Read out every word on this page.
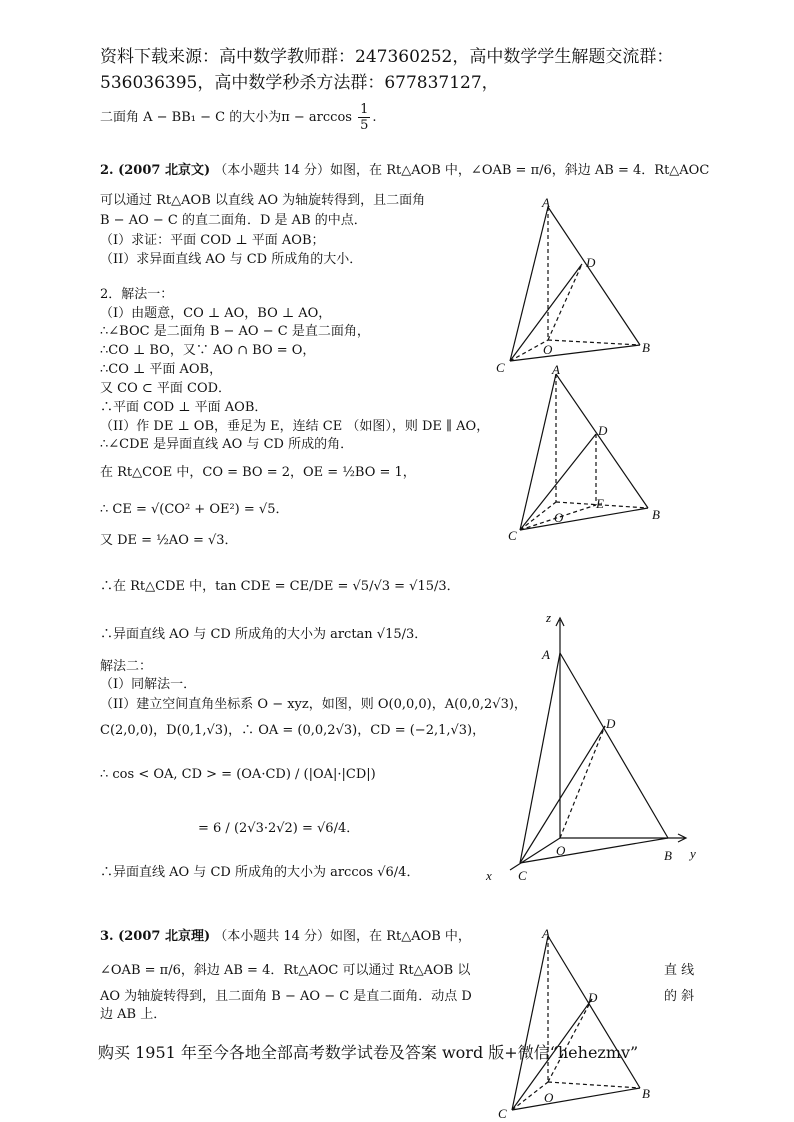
资料下载来源：高中数学教师群：247360252，高中数学学生解题交流群：
536036395，高中数学秒杀方法群：677837127，
二面角 A − BB₁ − C 的大小为$\pi - \arccos \frac{1}{5}$ .
2. (2007 北京文) （本小题共 14 分）如图，在 Rt△AOB 中，∠OAB = π/6，斜边 AB = 4．Rt△AOC
可以通过 Rt△AOB 以直线 AO 为轴旋转得到，且二面角
B − AO − C 的直二面角．D 是 AB 的中点．
（I）求证：平面 COD ⊥ 平面 AOB；
（II）求异面直线 AO 与 CD 所成角的大小．
2．解法一：
（I）由题意，CO ⊥ AO，BO ⊥ AO，
∴∠BOC 是二面角 B − AO − C 是直二面角，
∴CO ⊥ BO，又∵ AO ∩ BO = O，
∴CO ⊥ 平面 AOB，
又 CO ⊂ 平面 COD．
∴平面 COD ⊥ 平面 AOB．
（II）作 DE ⊥ OB，垂足为 E，连结 CE （如图），则 DE ∥ AO，
∴∠CDE 是异面直线 AO 与 CD 所成的角．
在 Rt△COE 中，CO = BO = 2，OE = ½BO = 1，
∴ CE = √(CO² + OE²) = √5．
又 DE = ½AO = √3．
∴在 Rt△CDE 中，tan CDE = CE/DE = √5/√3 = √15/3．
∴异面直线 AO 与 CD 所成角的大小为 arctan √15/3．
解法二：
（I）同解法一．
（II）建立空间直角坐标系 O − xyz，如图，则 O(0,0,0)，A(0,0,2√3)，
C(2,0,0)，D(0,1,√3)，∴ OA = (0,0,2√3)，CD = (−2,1,√3)，
∴ cos < OA, CD > = (OA·CD) / (|OA|·|CD|)
= 6 / (2√3·2√2) = √6/4．
∴异面直线 AO 与 CD 所成角的大小为 arccos √6/4．
3. (2007 北京理) （本小题共 14 分）如图，在 Rt△AOB 中，
∠OAB = π/6，斜边 AB = 4．Rt△AOC 可以通过 Rt△AOB 以	直 线
AO 为轴旋转得到，且二面角 B − AO − C 是直二面角．动点 D	的 斜
边 AB 上．
购买 1951 年至今各地全部高考数学试卷及答案 word 版+微信“hehezmv”
A
D
O	B
C	A
D
E
O	B
C
z
A
D
O	B y
C
x
A
D
O	B
C
